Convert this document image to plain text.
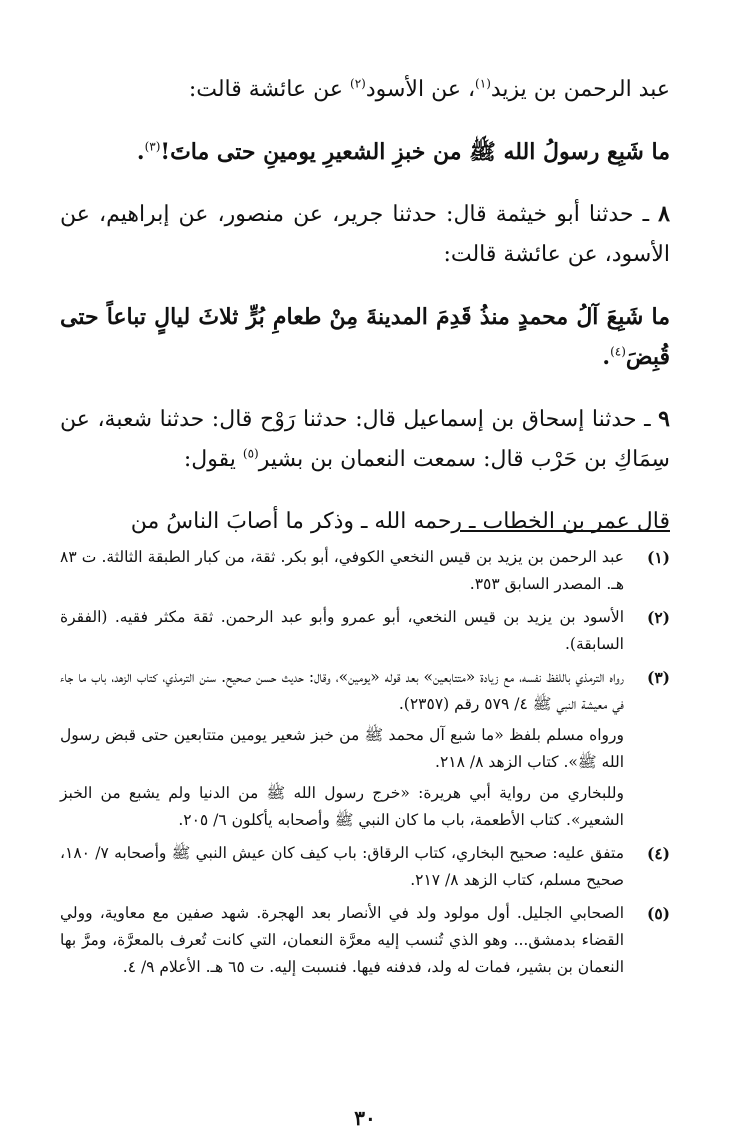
عبد الرحمن بن يزيد$^{(١)}$، عن الأسود$^{(٢)}$ عن عائشة قالت:

ما شَبِع رسولُ الله ﷺ من خبزِ الشعيرِ يومينِ حتى ماتَ!$^{(٣)}$.

٨ ـ حدثنا أبو خيثمة قال: حدثنا جرير، عن منصور، عن إبراهيم، عن الأسود، عن عائشة قالت:

ما شَبِعَ آلُ محمدٍ منذُ قَدِمَ المدينةَ مِنْ طعامِ بُرٍّ ثلاثَ ليالٍ تباعاً حتى قُبِضَ$^{(٤)}$.

٩ ـ حدثنا إسحاق بن إسماعيل قال: حدثنا رَوْح قال: حدثنا شعبة، عن سِمَاكِ بن حَرْب قال: سمعت النعمان بن بشير$^{(٥)}$ يقول:

قال عمر بن الخطاب ـ رحمه الله ـ وذكر ما أصابَ الناسُ من

(١)

عبد الرحمن بن يزيد بن قيس النخعي الكوفي، أبو بكر. ثقة، من كبار الطبقة الثالثة. ت ٨٣ هـ. المصدر السابق ٣٥٣.

(٢)

الأسود بن يزيد بن قيس النخعي، أبو عمرو وأبو عبد الرحمن. ثقة مكثر فقيه. (الفقرة السابقة).

(٣)

رواه الترمذي باللفظ نفسه، مع زيادة «متتابعين» بعد قوله «يومين»، وقال: حديث حسن صحيح. سنن الترمذي، كتاب الزهد، باب ما جاء في معيشة النبي ﷺ ٤/ ٥٧٩ رقم (٢٣٥٧).

ورواه مسلم بلفظ «ما شبع آل محمد ﷺ من خبز شعير يومين متتابعين حتى قبض رسول الله ﷺ». كتاب الزهد ٨/ ٢١٨.

وللبخاري من رواية أبي هريرة: «خرج رسول الله ﷺ من الدنيا ولم يشبع من الخبز الشعير». كتاب الأطعمة، باب ما كان النبي ﷺ وأصحابه يأكلون ٦/ ٢٠٥.

(٤)

متفق عليه: صحيح البخاري، كتاب الرقاق: باب كيف كان عيش النبي ﷺ وأصحابه ٧/ ١٨٠، صحيح مسلم، كتاب الزهد ٨/ ٢١٧.

(٥)

الصحابي الجليل. أول مولود ولد في الأنصار بعد الهجرة. شهد صفين مع معاوية، وولي القضاء بدمشق... وهو الذي تُنسب إليه معرَّة النعمان، التي كانت تُعرف بالمعرَّة، ومرَّ بها النعمان بن بشير، فمات له ولد، فدفنه فيها. فنسبت إليه. ت ٦٥ هـ. الأعلام ٩/ ٤.

٣٠
